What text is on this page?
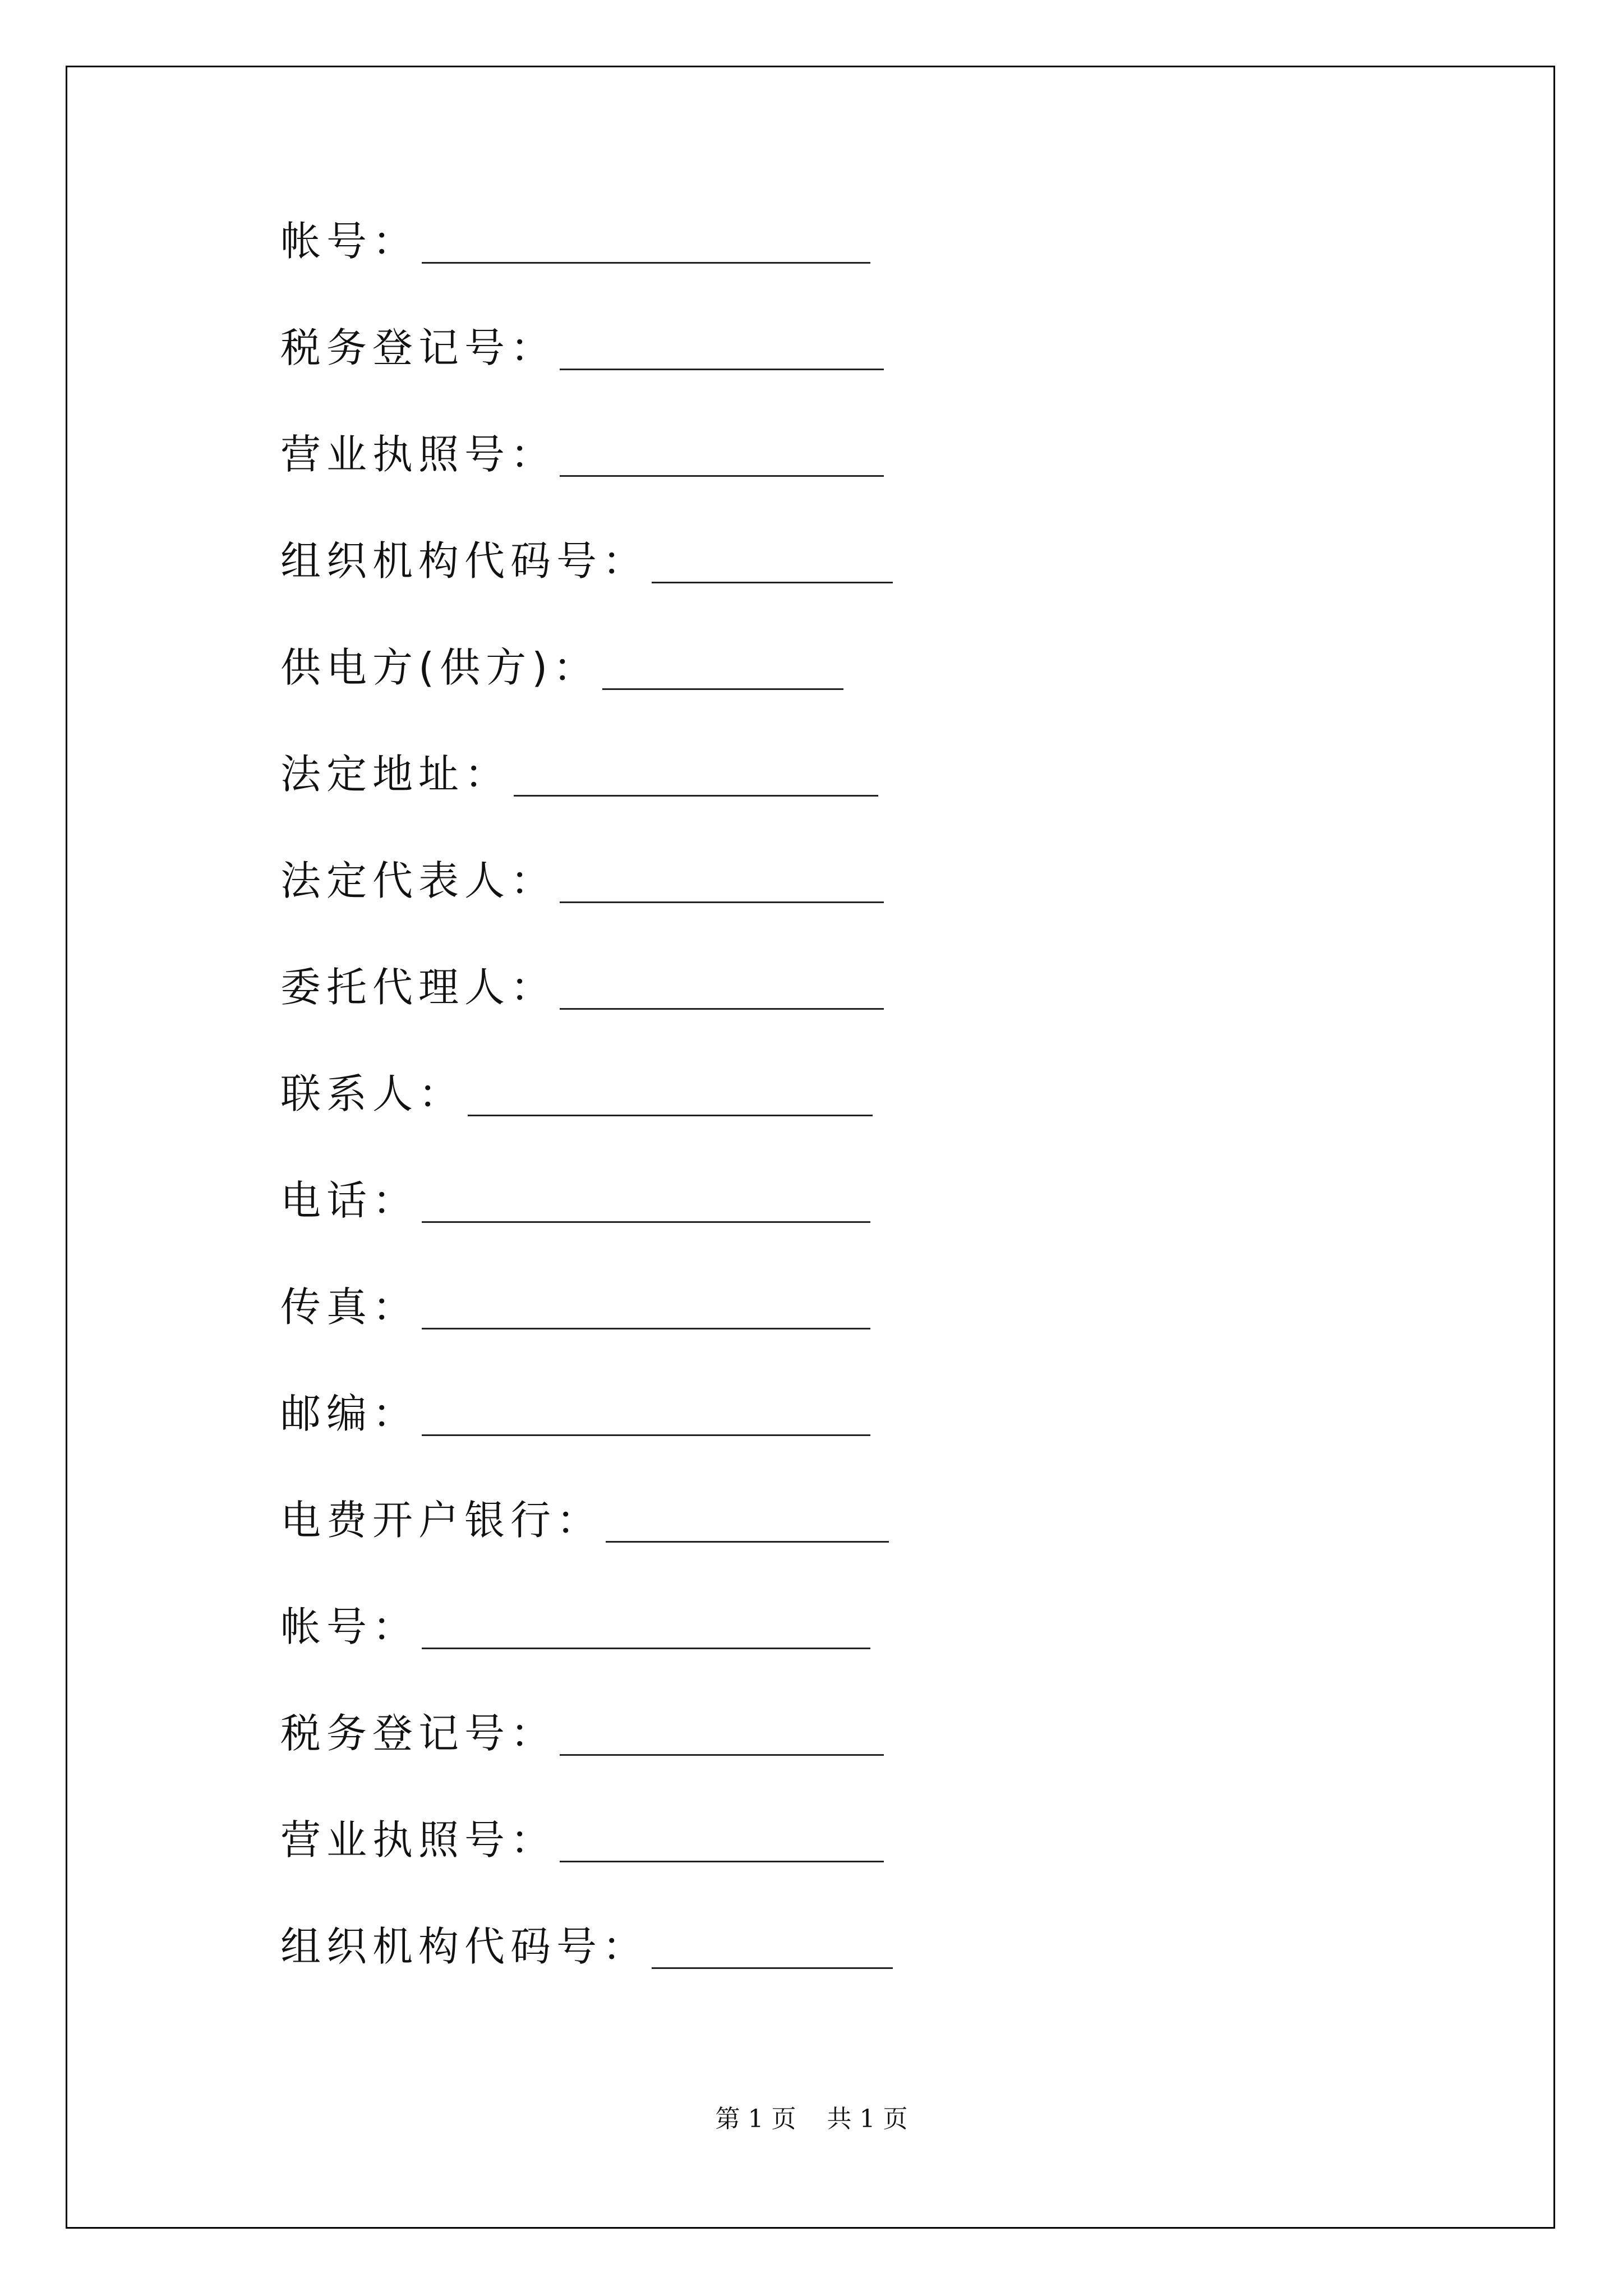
帐号：
税务登记号：
营业执照号：
组织机构代码号：
供电方(供方)：
法定地址：
法定代表人：
委托代理人：
联系人：
电话：
传真：
邮编：
电费开户银行：
帐号：
税务登记号：
营业执照号：
组织机构代码号：
第 1 页 共 1 页
